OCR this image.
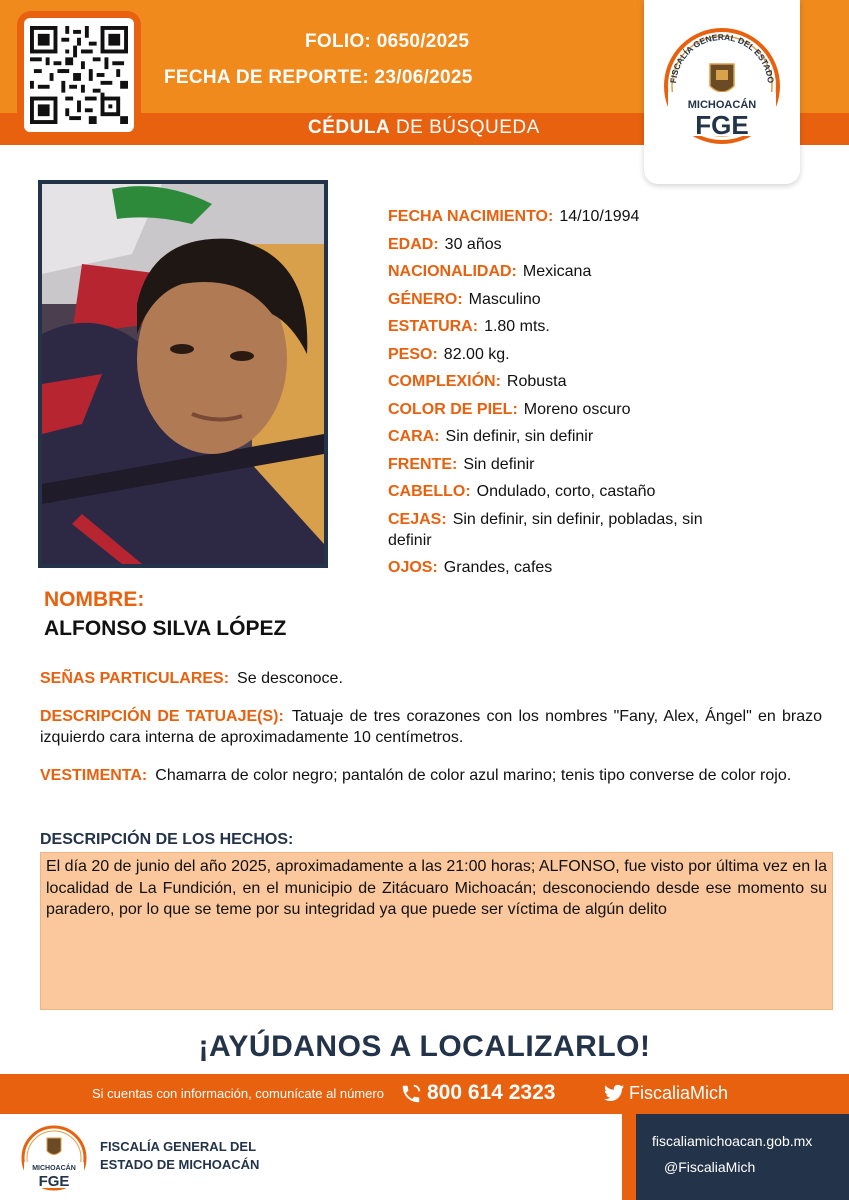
FOLIO: 0650/2025
FECHA DE REPORTE: 23/06/2025
CÉDULA DE BÚSQUEDA
FISCALÍA GENERAL DEL ESTADO
MICHOACÁN
FGE
FECHA NACIMIENTO: 14/10/1994
EDAD: 30 años
NACIONALIDAD: Mexicana
GÉNERO: Masculino
ESTATURA: 1.80 mts.
PESO: 82.00 kg.
COMPLEXIÓN: Robusta
COLOR DE PIEL: Moreno oscuro
CARA: Sin definir, sin definir
FRENTE: Sin definir
CABELLO: Ondulado, corto, castaño
CEJAS: Sin definir, sin definir, pobladas, sin definir
OJOS: Grandes, cafes
NOMBRE:
ALFONSO SILVA LÓPEZ
SEÑAS PARTICULARES: Se desconoce.
DESCRIPCIÓN DE TATUAJE(S): Tatuaje de tres corazones con los nombres "Fany, Alex, Ángel" en brazo izquierdo cara interna de aproximadamente 10 centímetros.
VESTIMENTA: Chamarra de color negro; pantalón de color azul marino; tenis tipo converse de color rojo.
DESCRIPCIÓN DE LOS HECHOS:
El día 20 de junio del año 2025, aproximadamente a las 21:00 horas; ALFONSO, fue visto por última vez en la localidad de La Fundición, en el municipio de Zitácuaro Michoacán; desconociendo desde ese momento su paradero, por lo que se teme por su integridad ya que puede ser víctima de algún delito
¡AYÚDANOS A LOCALIZARLO!
Si cuentas con información, comunícate al número 800 614 2323	FiscaliaMich
MICHOACÁN
FGE
FISCALÍA GENERAL DEL
ESTADO DE MICHOACÁN
fiscaliamichoacan.gob.mx
@FiscaliaMich
